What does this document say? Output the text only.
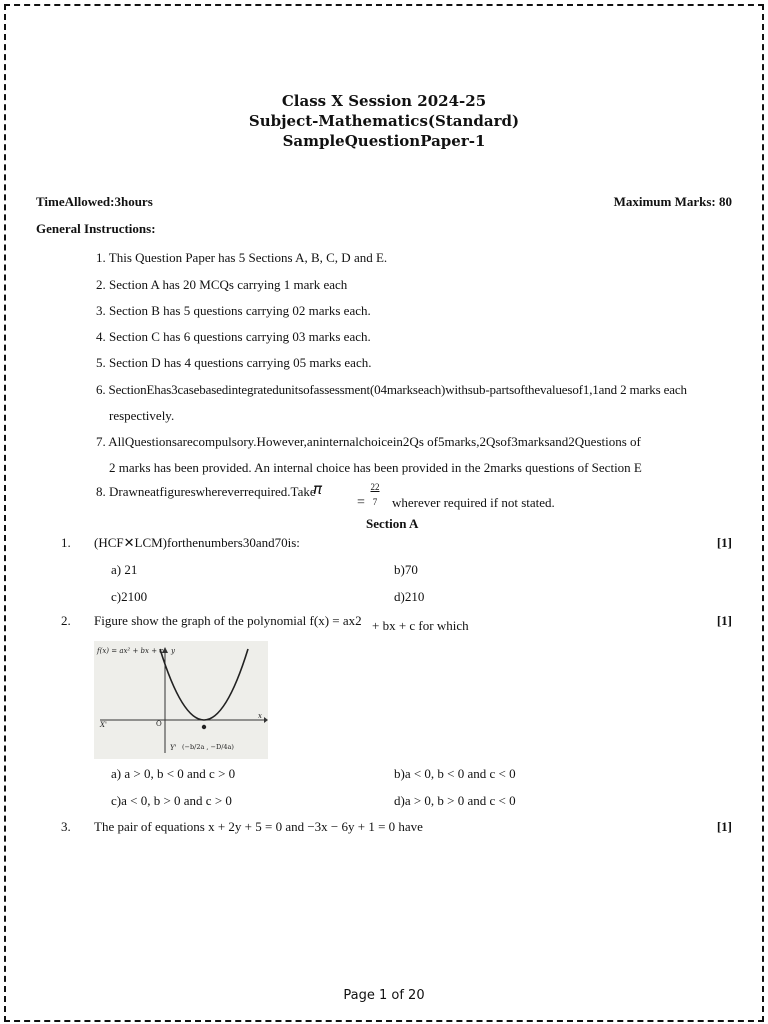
Class X Session 2024-25
Subject-Mathematics(Standard)
SampleQuestionPaper-1
TimeAllowed:3hours	Maximum Marks: 80
General Instructions:
1. This Question Paper has 5 Sections A, B, C, D and E.
2. Section A has 20 MCQs carrying 1 mark each
3. Section B has 5 questions carrying 02 marks each.
4. Section C has 6 questions carrying 03 marks each.
5. Section D has 4 questions carrying 05 marks each.
6. SectionEhas3casebasedintegratedunitsofassessment(04markseach)withsub-partsofthevaluesof1,1and 2 marks each
respectively.
7. AllQuestionsarecompulsory.However,aninternalchoicein2Qs of5marks,2Qsof3marksand2Questions of
2 marks has been provided. An internal choice has been provided in the 2marks questions of Section E
8. Drawneatfigureswhereverrequired.Take
π
=
22
7 wherever required if not stated.
Section A
1. (HCF✕LCM)forthenumbers30and70is:	[1]
a) 21	b)70
c)2100	d)210
2. Figure show the graph of the polynomial f(x) = ax2 + bx + c for which	[1]
f(x) = ax² + bx + c y
x
X'
Y'
O
(−b/2a , −D/4a)
a) a > 0, b < 0 and c > 0	b)a < 0, b < 0 and c < 0
c)a < 0, b > 0 and c > 0	d)a > 0, b > 0 and c < 0
3. The pair of equations x + 2y + 5 = 0 and −3x − 6y + 1 = 0 have	[1]
Page 1 of 20
